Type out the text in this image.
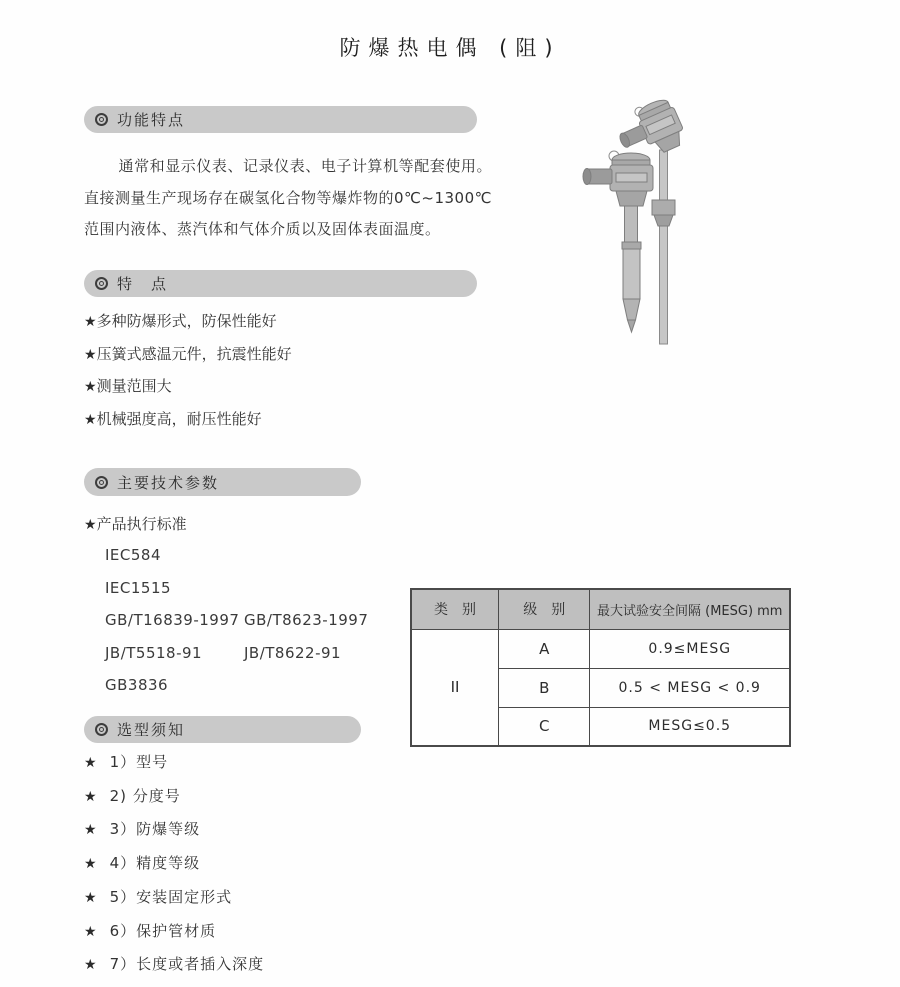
防爆热电偶 (阻)
功能特点

通常和显示仪表、记录仪表、电子计算机等配套使用。直接测量生产现场存在碳氢化合物等爆炸物的0℃~1300℃范围内液体、蒸汽体和气体介质以及固体表面温度。

特　点
★多种防爆形式，防保性能好
★压簧式感温元件，抗震性能好
★测量范围大
★机械强度高，耐压性能好
主要技术参数
★产品执行标准
IEC584
IEC1515
GB/T16839-1997 GB/T8623-1997
JB/T5518-91	JB/T8622-91
GB3836
类　别	级　别	最大试验安全间隔 (MESG) mm
II	A	0.9≤MESG
	B	0.5 < MESG < 0.9
	C	MESG≤0.5
选型须知
★ 1）型号
★ 2) 分度号
★ 3）防爆等级
★ 4）精度等级
★ 5）安装固定形式
★ 6）保护管材质
★ 7）长度或者插入深度
